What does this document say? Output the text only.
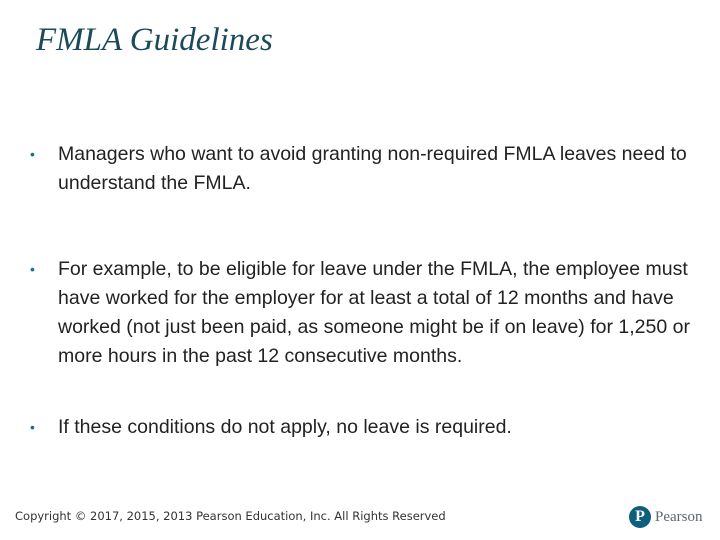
FMLA Guidelines
•	Managers who want to avoid granting non-required FMLA leaves need to understand the FMLA.
•	For example, to be eligible for leave under the FMLA, the employee must have worked for the employer for at least a total of 12 months and have worked (not just been paid, as someone might be if on leave) for 1,250 or more hours in the past 12 consecutive months.
•	If these conditions do not apply, no leave is required.
Copyright © 2017, 2015, 2013 Pearson Education, Inc. All Rights Reserved	P Pearson
